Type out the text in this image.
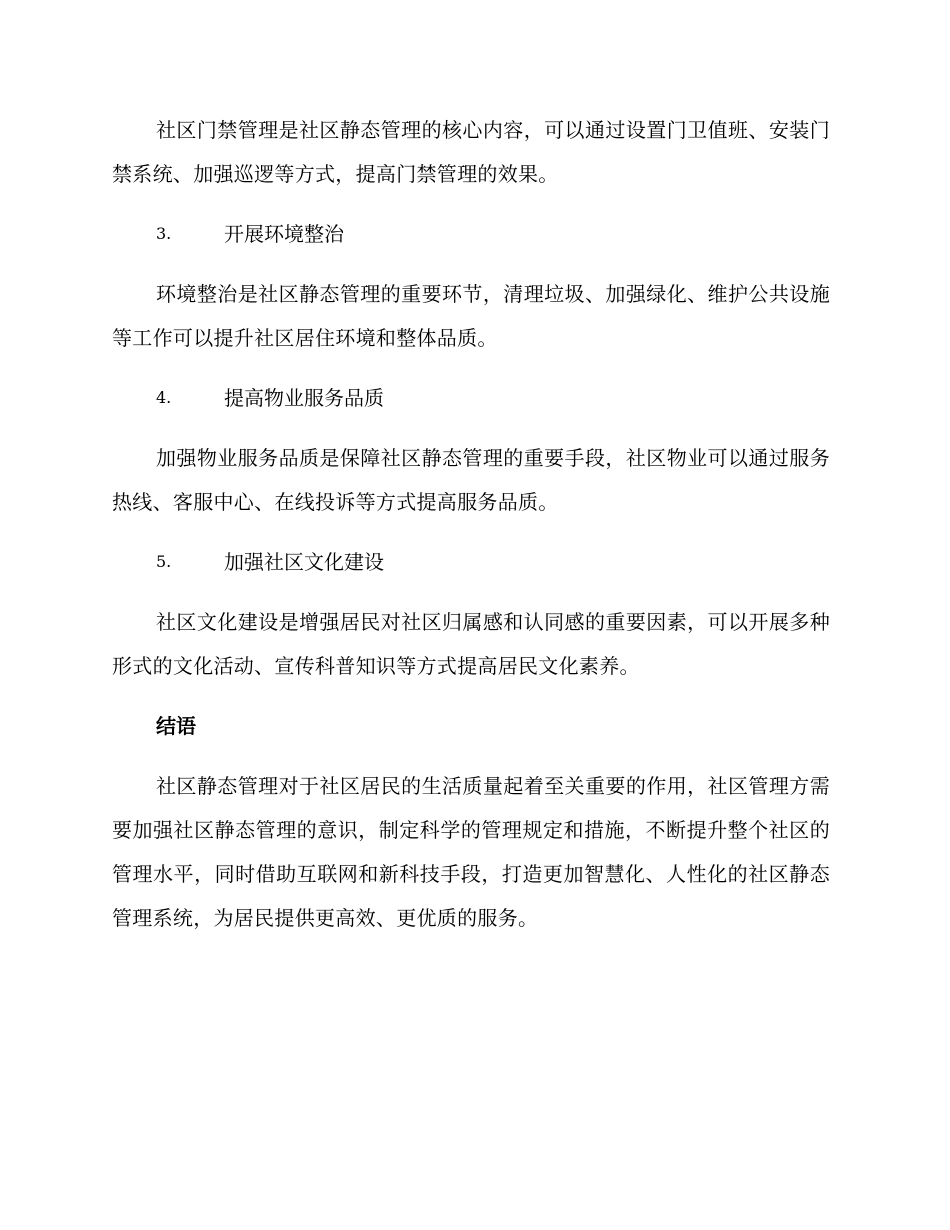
社区门禁管理是社区静态管理的核心内容，可以通过设置门卫值班、安装门禁系统、加强巡逻等方式，提高门禁管理的效果。

3.	开展环境整治

环境整治是社区静态管理的重要环节，清理垃圾、加强绿化、维护公共设施等工作可以提升社区居住环境和整体品质。

4.	提高物业服务品质

加强物业服务品质是保障社区静态管理的重要手段，社区物业可以通过服务热线、客服中心、在线投诉等方式提高服务品质。

5.	加强社区文化建设

社区文化建设是增强居民对社区归属感和认同感的重要因素，可以开展多种形式的文化活动、宣传科普知识等方式提高居民文化素养。

结语

社区静态管理对于社区居民的生活质量起着至关重要的作用，社区管理方需要加强社区静态管理的意识，制定科学的管理规定和措施，不断提升整个社区的管理水平，同时借助互联网和新科技手段，打造更加智慧化、人性化的社区静态管理系统，为居民提供更高效、更优质的服务。
